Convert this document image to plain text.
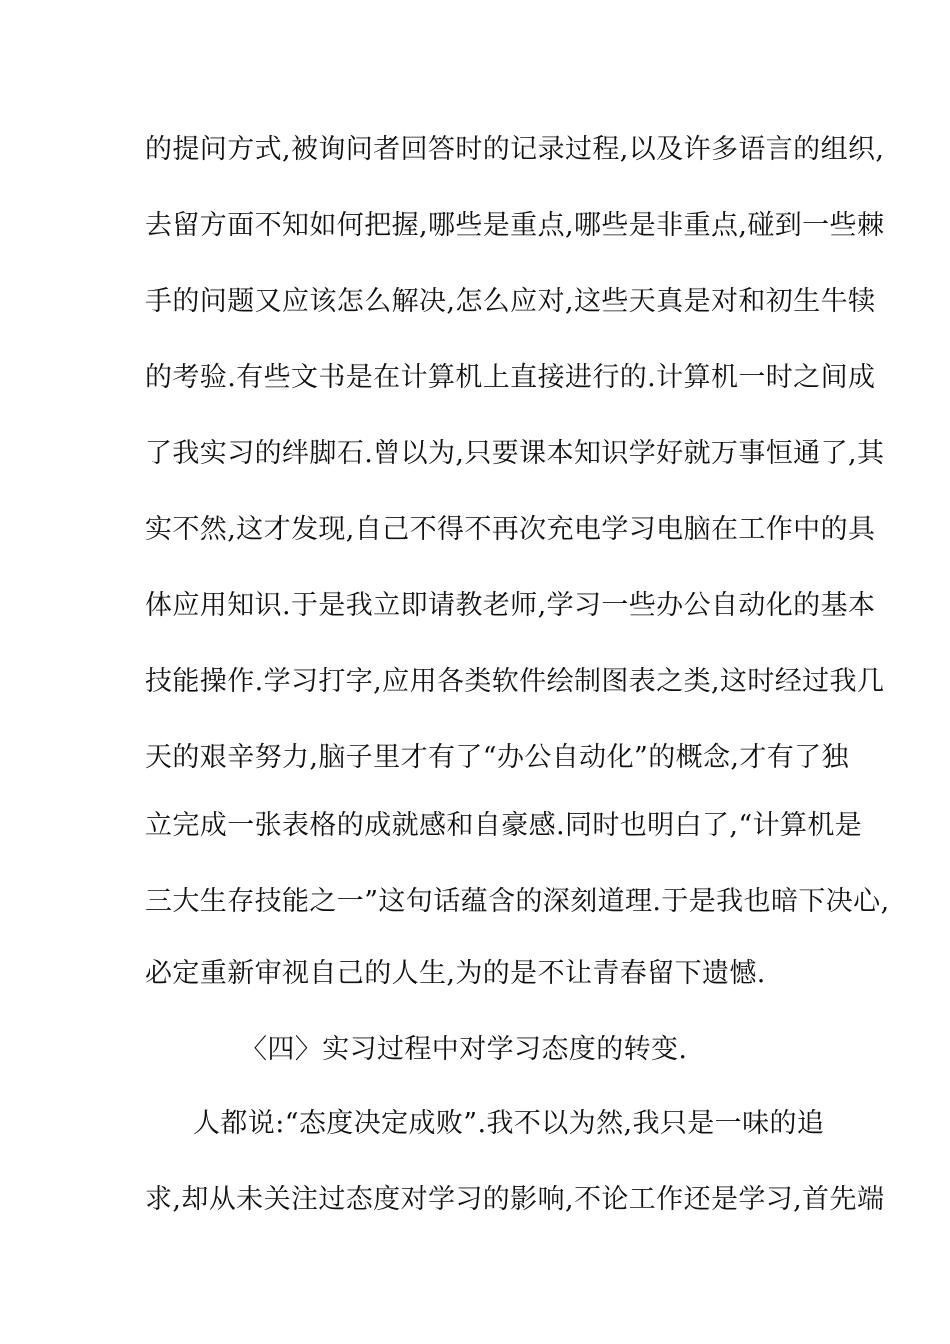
的提问方式,被询问者回答时的记录过程,以及许多语言的组织,

去留方面不知如何把握,哪些是重点,哪些是非重点,碰到一些棘

手的问题又应该怎么解决,怎么应对,这些天真是对和初生牛犊

的考验.有些文书是在计算机上直接进行的.计算机一时之间成

了我实习的绊脚石.曾以为,只要课本知识学好就万事恒通了,其

实不然,这才发现,自己不得不再次充电学习电脑在工作中的具

体应用知识.于是我立即请教老师,学习一些办公自动化的基本

技能操作.学习打字,应用各类软件绘制图表之类,这时经过我几

天的艰辛努力,脑子里才有了“办公自动化”的概念,才有了独

立完成一张表格的成就感和自豪感.同时也明白了,“计算机是

三大生存技能之一”这句话蕴含的深刻道理.于是我也暗下决心,

必定重新审视自己的人生,为的是不让青春留下遗憾.

〈四〉实习过程中对学习态度的转变.

人都说:“态度决定成败”.我不以为然,我只是一味的追

求,却从未关注过态度对学习的影响,不论工作还是学习,首先端
